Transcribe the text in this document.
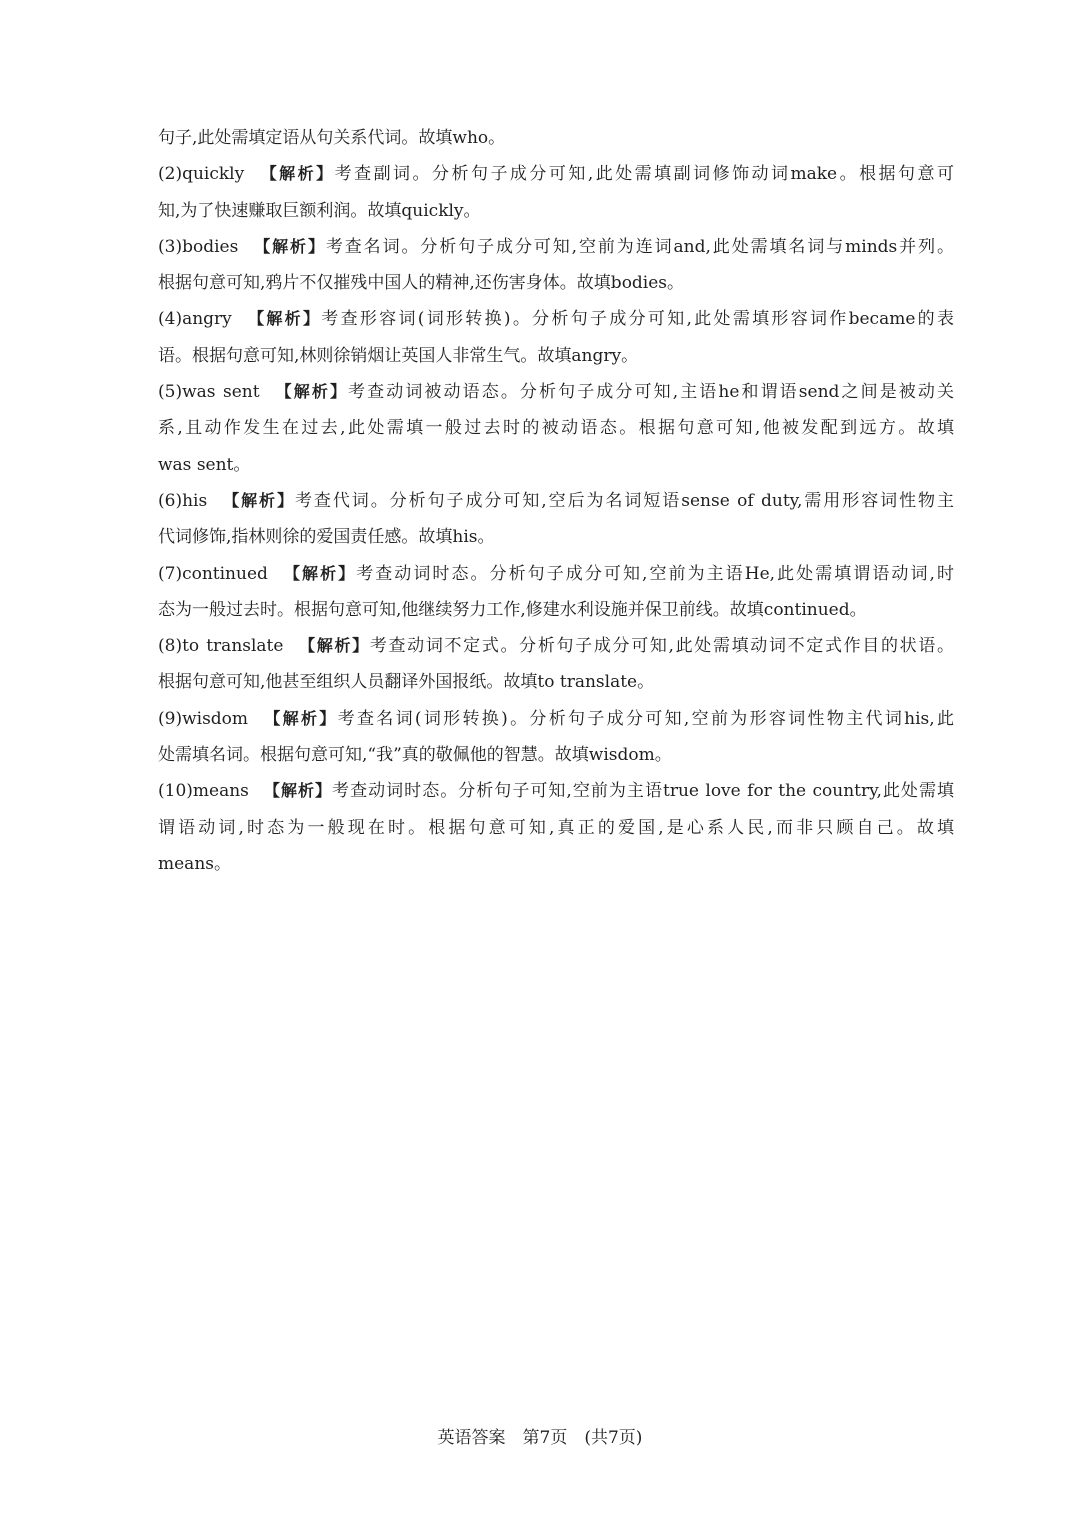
句子,此处需填定语从句关系代词。故填who。
(2)quickly 【解析】考查副词。分析句子成分可知,此处需填副词修饰动词make。根据句意可
知,为了快速赚取巨额利润。故填quickly。
(3)bodies 【解析】考查名词。分析句子成分可知,空前为连词and,此处需填名词与minds并列。
根据句意可知,鸦片不仅摧残中国人的精神,还伤害身体。故填bodies。
(4)angry 【解析】考查形容词(词形转换)。分析句子成分可知,此处需填形容词作became的表
语。根据句意可知,林则徐销烟让英国人非常生气。故填angry。
(5)was sent 【解析】考查动词被动语态。分析句子成分可知,主语he和谓语send之间是被动关
系,且动作发生在过去,此处需填一般过去时的被动语态。根据句意可知,他被发配到远方。故填
was sent。
(6)his 【解析】考查代词。分析句子成分可知,空后为名词短语sense of duty,需用形容词性物主
代词修饰,指林则徐的爱国责任感。故填his。
(7)continued 【解析】考查动词时态。分析句子成分可知,空前为主语He,此处需填谓语动词,时
态为一般过去时。根据句意可知,他继续努力工作,修建水利设施并保卫前线。故填continued。
(8)to translate 【解析】考查动词不定式。分析句子成分可知,此处需填动词不定式作目的状语。
根据句意可知,他甚至组织人员翻译外国报纸。故填to translate。
(9)wisdom 【解析】考查名词(词形转换)。分析句子成分可知,空前为形容词性物主代词his,此
处需填名词。根据句意可知,“我”真的敬佩他的智慧。故填wisdom。
(10)means 【解析】考查动词时态。分析句子可知,空前为主语true love for the country,此处需填
谓语动词,时态为一般现在时。根据句意可知,真正的爱国,是心系人民,而非只顾自己。故填
means。
英语答案　第7页　(共7页)
